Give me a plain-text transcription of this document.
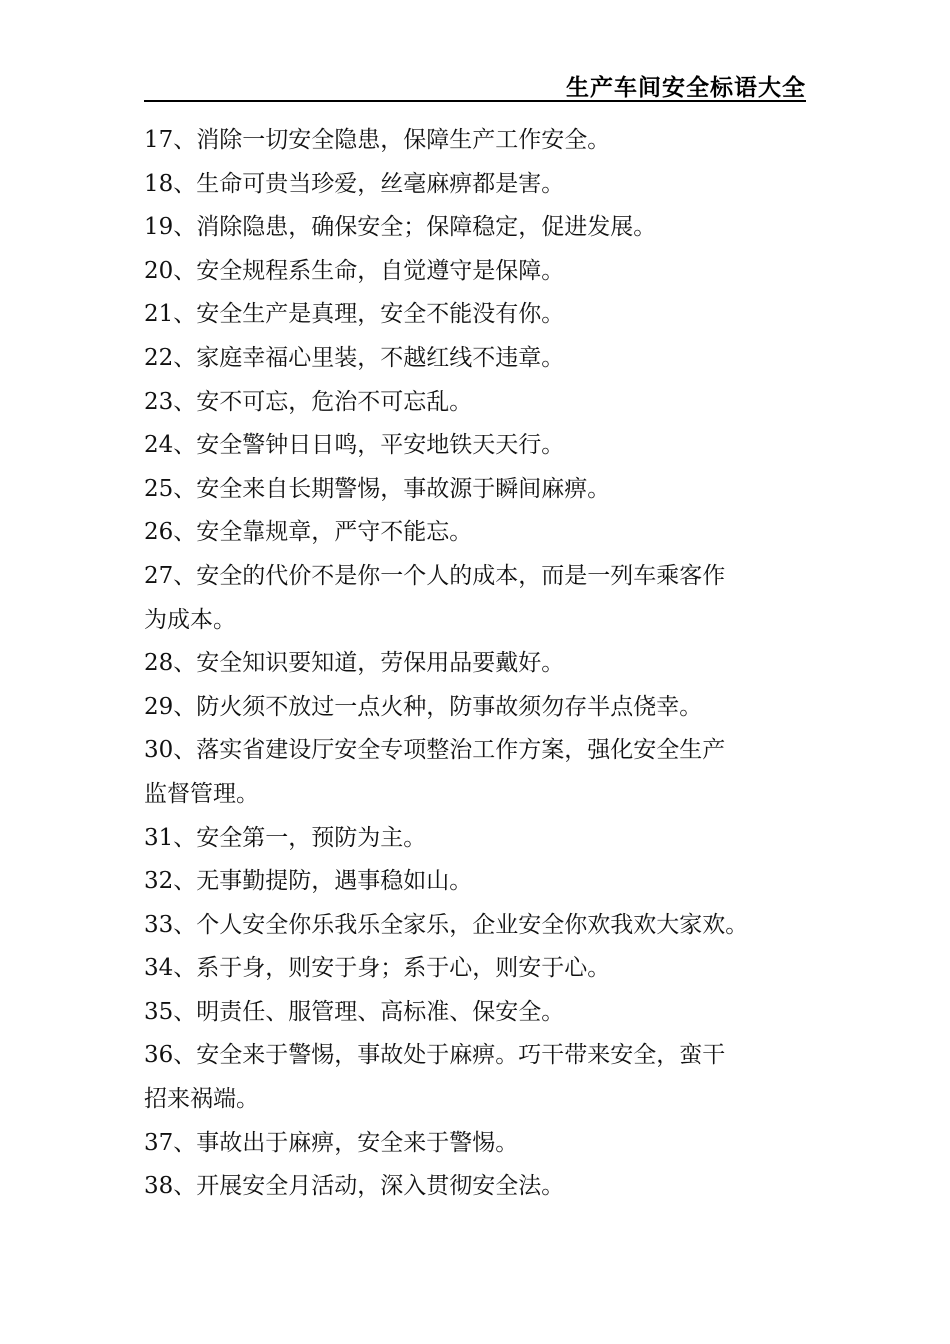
生产车间安全标语大全
17、消除一切安全隐患，保障生产工作安全。
18、生命可贵当珍爱，丝毫麻痹都是害。
19、消除隐患，确保安全；保障稳定，促进发展。
20、安全规程系生命，自觉遵守是保障。
21、安全生产是真理，安全不能没有你。
22、家庭幸福心里装，不越红线不违章。
23、安不可忘，危治不可忘乱。
24、安全警钟日日鸣，平安地铁天天行。
25、安全来自长期警惕，事故源于瞬间麻痹。
26、安全靠规章，严守不能忘。
27、安全的代价不是你一个人的成本，而是一列车乘客作
为成本。
28、安全知识要知道，劳保用品要戴好。
29、防火须不放过一点火种，防事故须勿存半点侥幸。
30、落实省建设厅安全专项整治工作方案，强化安全生产
监督管理。
31、安全第一，预防为主。
32、无事勤提防，遇事稳如山。
33、个人安全你乐我乐全家乐，企业安全你欢我欢大家欢。
34、系于身，则安于身；系于心，则安于心。
35、明责任、服管理、高标准、保安全。
36、安全来于警惕，事故处于麻痹。巧干带来安全，蛮干
招来祸端。
37、事故出于麻痹，安全来于警惕。
38、开展安全月活动，深入贯彻安全法。
